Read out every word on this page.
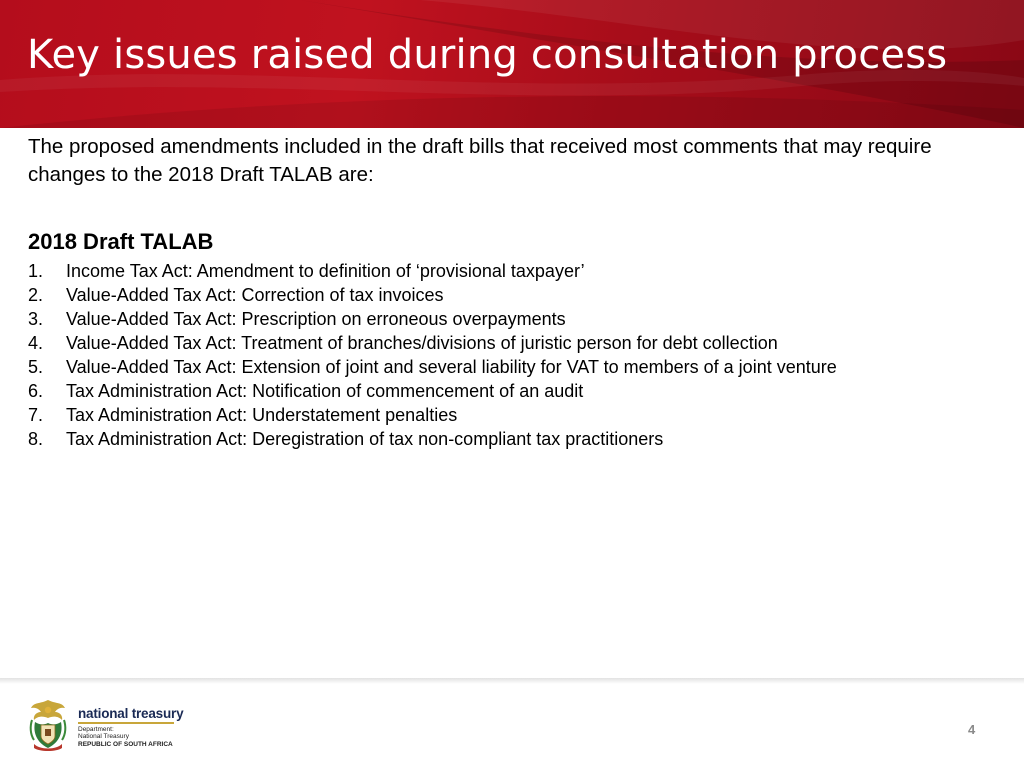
Key issues raised during consultation process

The proposed amendments included in the draft bills that received most comments that may require changes to the 2018 Draft TALAB are:

2018 Draft TALAB
1.	Income Tax Act: Amendment to definition of ‘provisional taxpayer’
2.	Value-Added Tax Act: Correction of tax invoices
3.	Value-Added Tax Act: Prescription on erroneous overpayments
4.	Value-Added Tax Act: Treatment of branches/divisions of juristic person for debt collection
5.	Value-Added Tax Act: Extension of joint and several liability for VAT to members of a joint venture
6.	Tax Administration Act: Notification of commencement of an audit
7.	Tax Administration Act: Understatement penalties
8.	Tax Administration Act: Deregistration of tax non-compliant tax practitioners
national treasury
Department:
National Treasury
REPUBLIC OF SOUTH AFRICA
4
